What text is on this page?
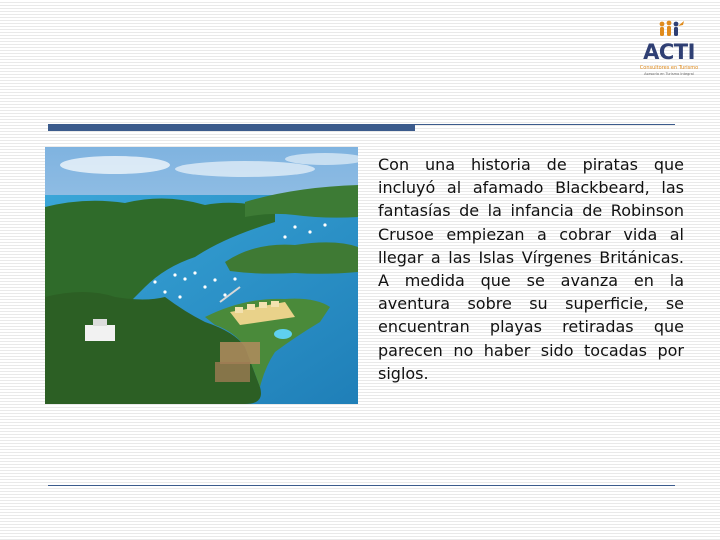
ACTI
Consultores en Turismo
Asesoría en Turismo Integral

Con una historia de piratas que incluyó al afamado Blackbeard, las fantasías de la infancia de Robinson Crusoe empiezan a cobrar vida al llegar a las Islas Vírgenes Británicas. A medida que se avanza en la aventura sobre su superficie, se encuentran playas retiradas que parecen no haber sido tocadas por siglos.
